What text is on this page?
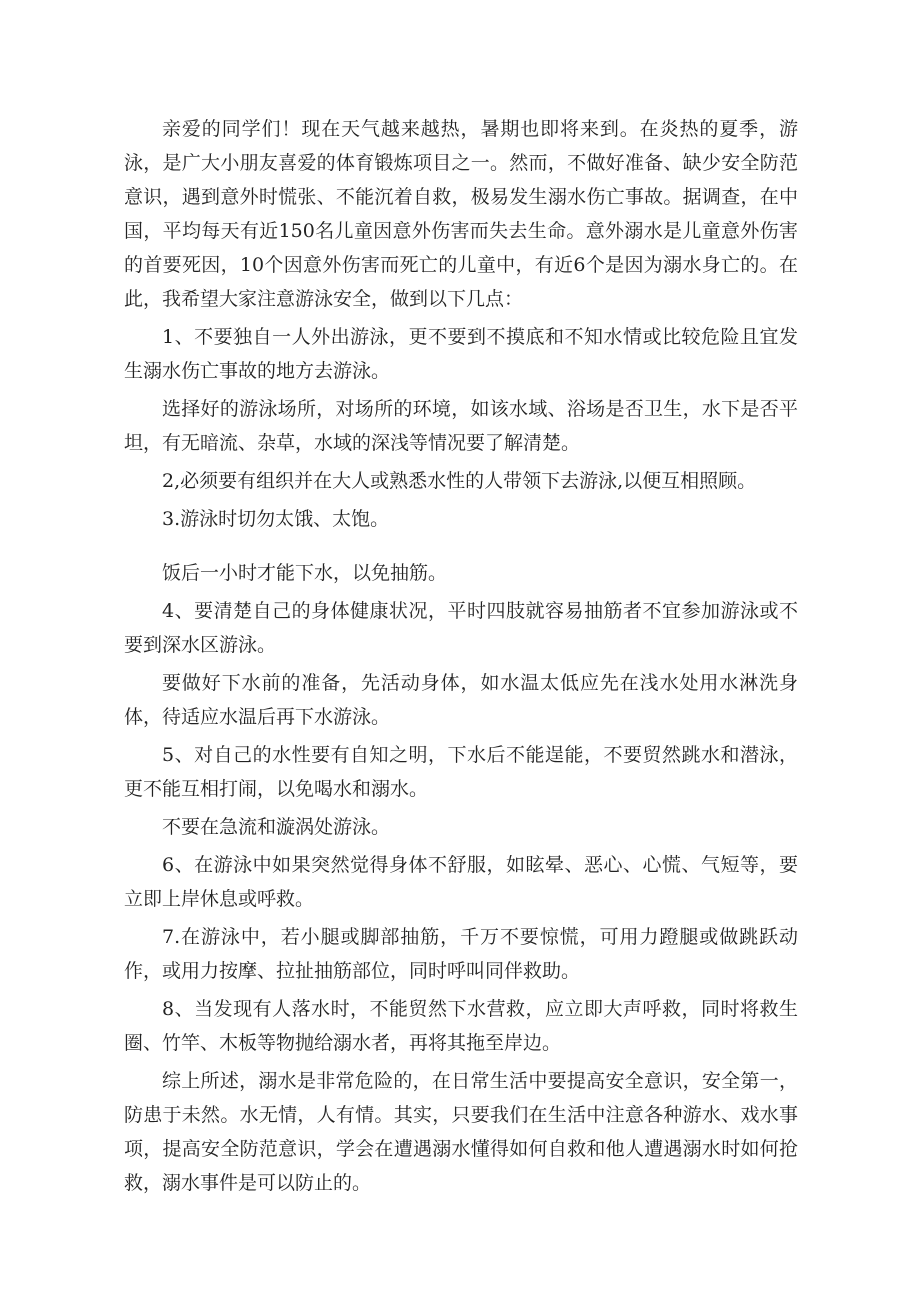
亲爱的同学们！现在天气越来越热，暑期也即将来到。在炎热的夏季，游泳，是广大小朋友喜爱的体育锻炼项目之一。然而，不做好准备、缺少安全防范意识，遇到意外时慌张、不能沉着自救，极易发生溺水伤亡事故。据调查，在中国，平均每天有近150名儿童因意外伤害而失去生命。意外溺水是儿童意外伤害的首要死因，10个因意外伤害而死亡的儿童中，有近6个是因为溺水身亡的。在此，我希望大家注意游泳安全，做到以下几点：

1、不要独自一人外出游泳，更不要到不摸底和不知水情或比较危险且宜发生溺水伤亡事故的地方去游泳。

选择好的游泳场所，对场所的环境，如该水域、浴场是否卫生，水下是否平坦，有无暗流、杂草，水域的深浅等情况要了解清楚。

2,必须要有组织并在大人或熟悉水性的人带领下去游泳,以便互相照顾。

3.游泳时切勿太饿、太饱。

饭后一小时才能下水，以免抽筋。

4、要清楚自己的身体健康状况，平时四肢就容易抽筋者不宜参加游泳或不要到深水区游泳。

要做好下水前的准备，先活动身体，如水温太低应先在浅水处用水淋洗身体，待适应水温后再下水游泳。

5、对自己的水性要有自知之明，下水后不能逞能，不要贸然跳水和潜泳，更不能互相打闹，以免喝水和溺水。

不要在急流和漩涡处游泳。

6、在游泳中如果突然觉得身体不舒服，如眩晕、恶心、心慌、气短等，要立即上岸休息或呼救。

7.在游泳中，若小腿或脚部抽筋，千万不要惊慌，可用力蹬腿或做跳跃动作，或用力按摩、拉扯抽筋部位，同时呼叫同伴救助。

8、当发现有人落水时，不能贸然下水营救，应立即大声呼救，同时将救生圈、竹竿、木板等物抛给溺水者，再将其拖至岸边。

综上所述，溺水是非常危险的，在日常生活中要提高安全意识，安全第一，防患于未然。水无情，人有情。其实，只要我们在生活中注意各种游水、戏水事项，提高安全防范意识，学会在遭遇溺水懂得如何自救和他人遭遇溺水时如何抢救，溺水事件是可以防止的。
